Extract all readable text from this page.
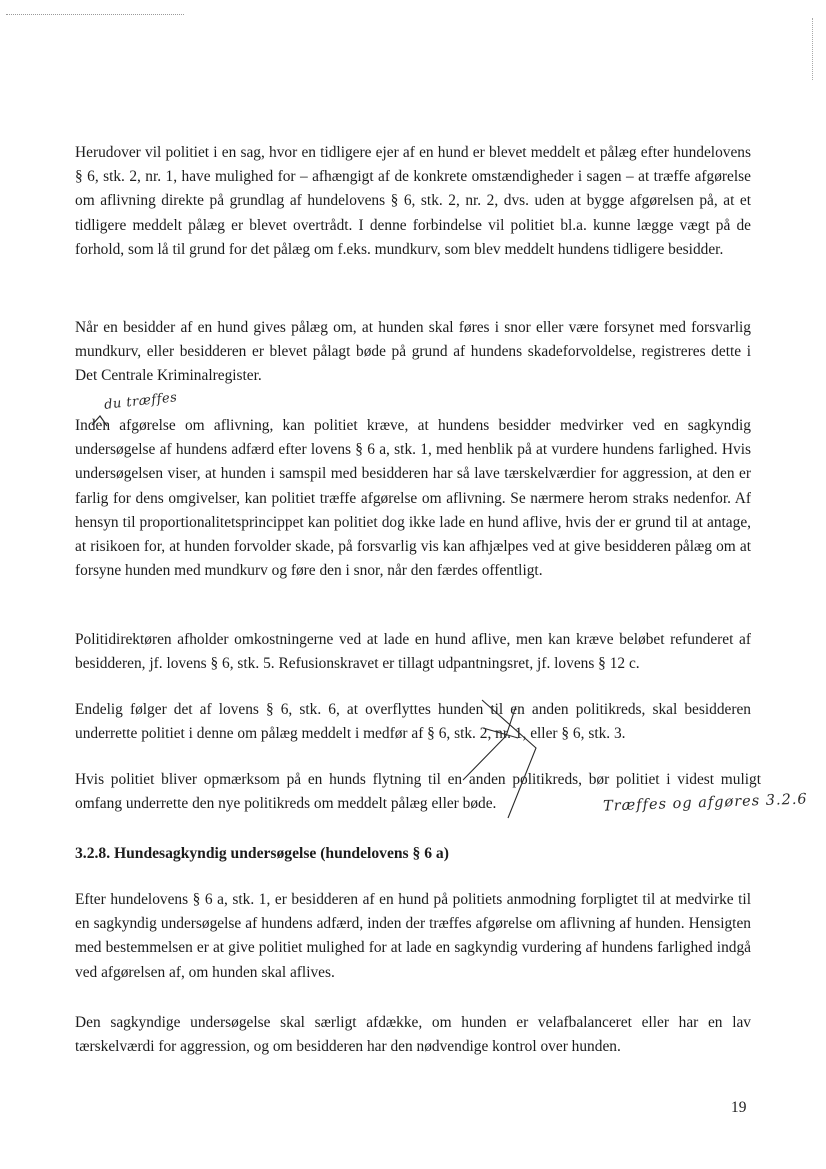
Herudover vil politiet i en sag, hvor en tidligere ejer af en hund er blevet meddelt et pålæg efter hundelovens § 6, stk. 2, nr. 1, have mulighed for – afhængigt af de konkrete omstændigheder i sagen – at træffe afgørelse om aflivning direkte på grundlag af hundelovens § 6, stk. 2, nr. 2, dvs. uden at bygge afgørelsen på, at et tidligere meddelt pålæg er blevet overtrådt. I denne forbindelse vil politiet bl.a. kunne lægge vægt på de forhold, som lå til grund for det pålæg om f.eks. mundkurv, som blev meddelt hundens tidligere besidder.

Når en besidder af en hund gives pålæg om, at hunden skal føres i snor eller være forsynet med forsvarlig mundkurv, eller besidderen er blevet pålagt bøde på grund af hundens skadeforvoldelse, registreres dette i Det Centrale Kriminalregister.

Inden afgørelse om aflivning, kan politiet kræve, at hundens besidder medvirker ved en sagkyndig undersøgelse af hundens adfærd efter lovens § 6 a, stk. 1, med henblik på at vurdere hundens farlighed. Hvis undersøgelsen viser, at hunden i samspil med besidderen har så lave tærskelværdier for aggression, at den er farlig for dens omgivelser, kan politiet træffe afgørelse om aflivning. Se nærmere herom straks nedenfor. Af hensyn til proportionalitetsprincippet kan politiet dog ikke lade en hund aflive, hvis der er grund til at antage, at risikoen for, at hunden forvolder skade, på forsvarlig vis kan afhjælpes ved at give besidderen pålæg om at forsyne hunden med mundkurv og føre den i snor, når den færdes offentligt.

Politidirektøren afholder omkostningerne ved at lade en hund aflive, men kan kræve beløbet refunderet af besidderen, jf. lovens § 6, stk. 5. Refusionskravet er tillagt udpantningsret, jf. lovens § 12 c.

Endelig følger det af lovens § 6, stk. 6, at overflyttes hunden til en anden politikreds, skal besidderen underrette politiet i denne om pålæg meddelt i medfør af § 6, stk. 2, nr. 1, eller § 6, stk. 3.

Hvis politiet bliver opmærksom på en hunds flytning til en anden politikreds, bør politiet i videst muligt omfang underrette den nye politikreds om meddelt pålæg eller bøde.

3.2.8. Hundesagkyndig undersøgelse (hundelovens § 6 a)

Efter hundelovens § 6 a, stk. 1, er besidderen af en hund på politiets anmodning forpligtet til at medvirke til en sagkyndig undersøgelse af hundens adfærd, inden der træffes afgørelse om aflivning af hunden. Hensigten med bestemmelsen er at give politiet mulighed for at lade en sagkyndig vurdering af hundens farlighed indgå ved afgørelsen af, om hunden skal aflives.

Den sagkyndige undersøgelse skal særligt afdække, om hunden er velafbalanceret eller har en lav tærskelværdi for aggression, og om besidderen har den nødvendige kontrol over hunden.

19
du træffes
Træffes og afgøres 3.2.6
